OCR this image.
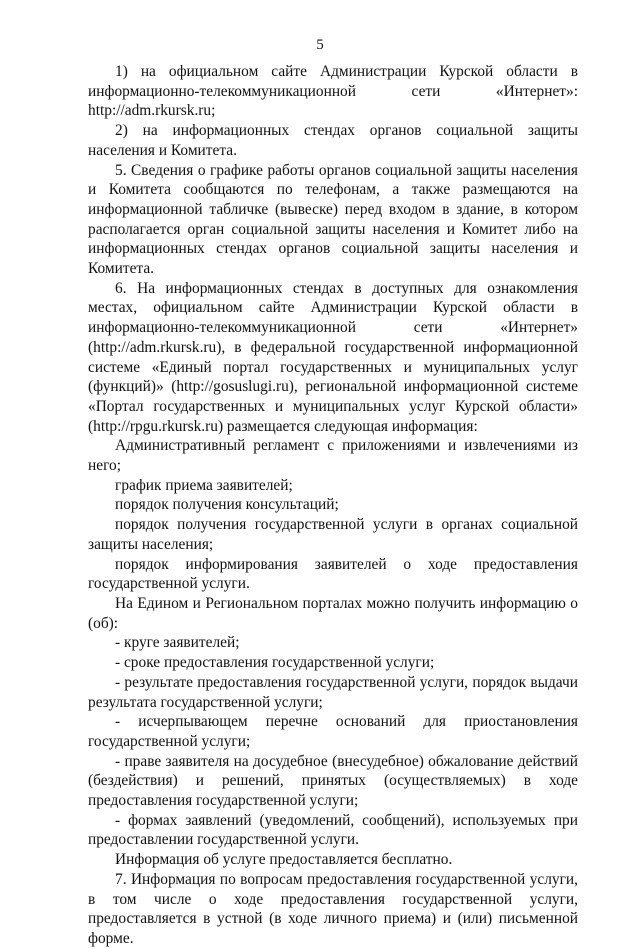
5

1) на официальном сайте Администрации Курской области в информационно-телекоммуникационной сети «Интернет»: http://adm.rkursk.ru;

2) на информационных стендах органов социальной защиты населения и Комитета.

5. Сведения о графике работы органов социальной защиты населения и Комитета сообщаются по телефонам, а также размещаются на информационной табличке (вывеске) перед входом в здание, в котором располагается орган социальной защиты населения и Комитет либо на информационных стендах органов социальной защиты населения и Комитета.

6. На информационных стендах в доступных для ознакомления местах, официальном сайте Администрации Курской области в информационно-телекоммуникационной сети «Интернет» (http://adm.rkursk.ru), в федеральной государственной информационной системе «Единый портал государственных и муниципальных услуг (функций)» (http://gosuslugi.ru), региональной информационной системе «Портал государственных и муниципальных услуг Курской области» (http://rpgu.rkursk.ru) размещается следующая информация:

Административный регламент с приложениями и извлечениями из него;

график приема заявителей;

порядок получения консультаций;

порядок получения государственной услуги в органах социальной защиты населения;

порядок информирования заявителей о ходе предоставления государственной услуги.

На Едином и Региональном порталах можно получить информацию о (об):

- круге заявителей;

- сроке предоставления государственной услуги;

- результате предоставления государственной услуги, порядок выдачи результата государственной услуги;

- исчерпывающем перечне оснований для приостановления государственной услуги;

- праве заявителя на досудебное (внесудебное) обжалование действий (бездействия) и решений, принятых (осуществляемых) в ходе предоставления государственной услуги;

- формах заявлений (уведомлений, сообщений), используемых при предоставлении государственной услуги.

Информация об услуге предоставляется бесплатно.

7. Информация по вопросам предоставления государственной услуги, в том числе о ходе предоставления государственной услуги, предоставляется в устной (в ходе личного приема) и (или) письменной форме.
